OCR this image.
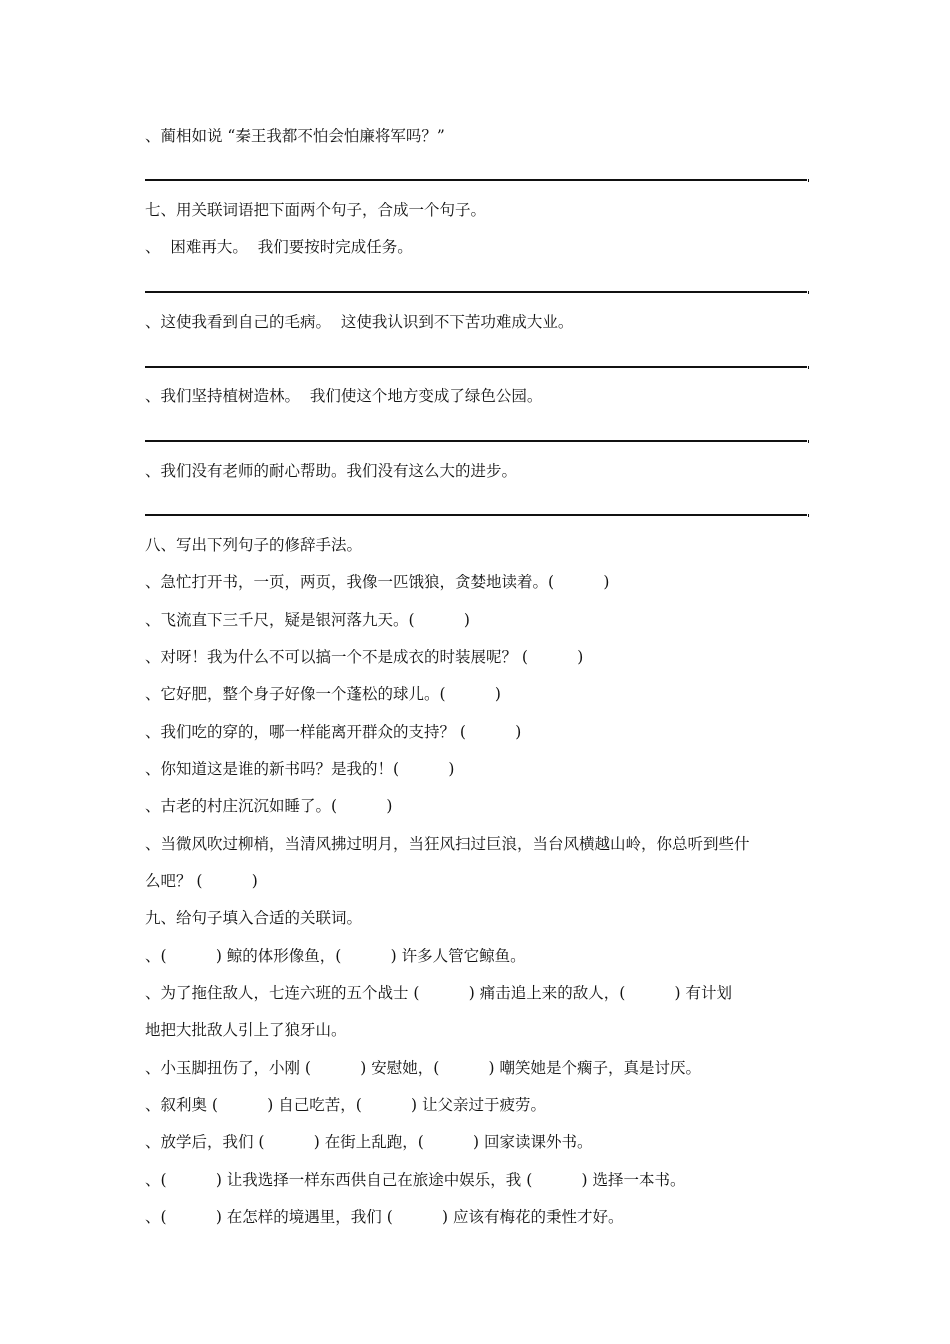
、蔺相如说 “秦王我都不怕会怕廉将军吗？”
七、用关联词语把下面两个句子，合成一个句子。
、  困难再大。  我们要按时完成任务。
、这使我看到自己的毛病。  这使我认识到不下苦功难成大业。
、我们坚持植树造林。  我们使这个地方变成了绿色公园。
、我们没有老师的耐心帮助。我们没有这么大的进步。
八、写出下列句子的修辞手法。
、急忙打开书，一页，两页，我像一匹饿狼，贪婪地读着。(          )
、飞流直下三千尺，疑是银河落九天。(          )
、对呀！我为什么不可以搞一个不是成衣的时装展呢？ (          )
、它好肥，整个身子好像一个蓬松的球儿。(          )
、我们吃的穿的，哪一样能离开群众的支持？ (          )
、你知道这是谁的新书吗？是我的！(          )
、古老的村庄沉沉如睡了。(          )
、当微风吹过柳梢，当清风拂过明月，当狂风扫过巨浪，当台风横越山岭，你总听到些什
么吧？ (          )
九、给句子填入合适的关联词。
、(          ) 鲸的体形像鱼，(          ) 许多人管它鲸鱼。
、为了拖住敌人，七连六班的五个战士 (          ) 痛击追上来的敌人，(          ) 有计划
地把大批敌人引上了狼牙山。
、小玉脚扭伤了，小刚 (          ) 安慰她，(          ) 嘲笑她是个瘸子，真是讨厌。
、叙利奥 (          ) 自己吃苦，(          ) 让父亲过于疲劳。
、放学后，我们 (          ) 在街上乱跑，(          ) 回家读课外书。
、(          ) 让我选择一样东西供自己在旅途中娱乐，我 (          ) 选择一本书。
、(          ) 在怎样的境遇里，我们 (          ) 应该有梅花的秉性才好。
